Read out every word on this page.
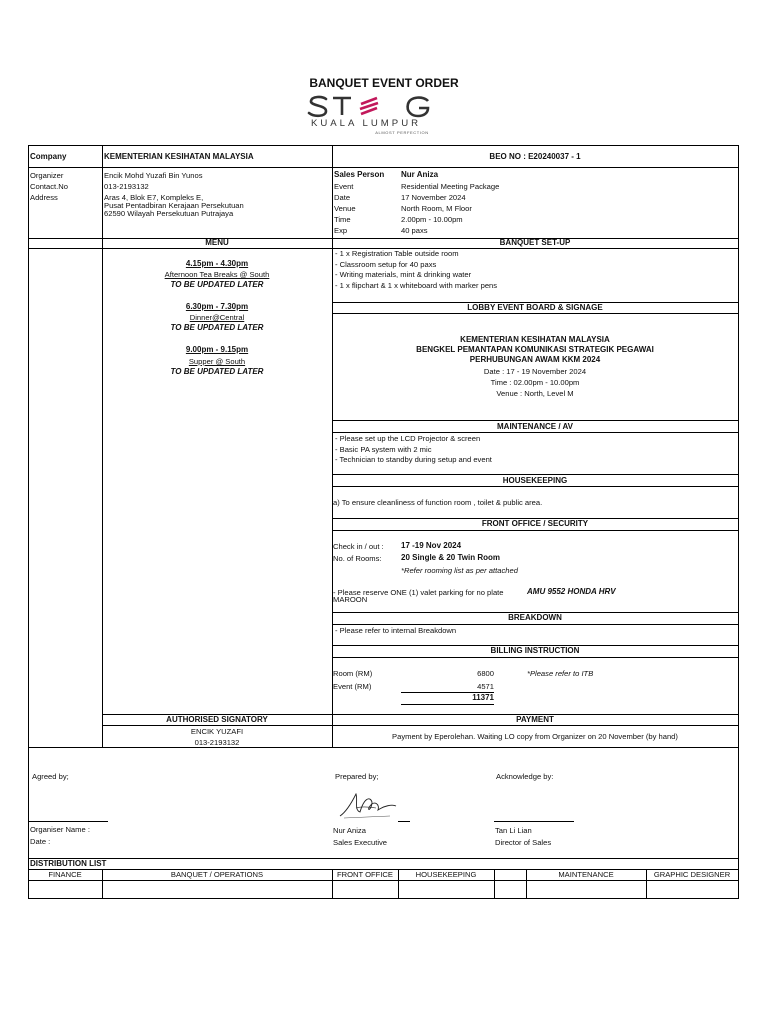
BANQUET EVENT ORDER
KUALA LUMPUR
ALMOST PERFECTION
Company	KEMENTERIAN KESIHATAN MALAYSIA	BEO NO : E20240037 - 1
Organizer	Encik Mohd Yuzafi Bin Yunos
Contact.No	013-2193132
Address	Aras 4, Blok E7, Kompleks E,
Pusat Pentadbiran Kerajaan Persekutuan
62590 Wilayah Persekutuan Putrajaya
Sales Person Nur Aniza
Event	Residential Meeting Package
Date	17 November 2024
Venue	North Room, M Floor
Time	2.00pm - 10.00pm
Exp	40 paxs
MENU
4.15pm - 4.30pm
Afternoon Tea Breaks @ South
TO BE UPDATED LATER
6.30pm - 7.30pm
Dinner@Central
TO BE UPDATED LATER
9.00pm - 9.15pm
Supper @ South
TO BE UPDATED LATER
BANQUET SET-UP
- 1 x Registration Table outside room
- Classroom setup for 40 paxs
- Writing materials, mint & drinking water
- 1 x flipchart & 1 x whiteboard with marker pens
LOBBY EVENT BOARD & SIGNAGE
KEMENTERIAN KESIHATAN MALAYSIA
BENGKEL PEMANTAPAN KOMUNIKASI STRATEGIK PEGAWAI
PERHUBUNGAN AWAM KKM 2024
Date : 17 - 19 November 2024
Time : 02.00pm - 10.00pm
Venue : North, Level M
MAINTENANCE / AV
- Please set up the LCD Projector & screen
- Basic PA system with 2 mic
- Technician to standby during setup and event
HOUSEKEEPING
a) To ensure cleanliness of function room , toilet & public area.
FRONT OFFICE / SECURITY
Check in / out : 17 -19 Nov 2024
No. of Rooms: 20 Single & 20 Twin Room
*Refer rooming list as per attached
- Please reserve ONE (1) valet parking for no plate	AMU 9552 HONDA HRV
MAROON
BREAKDOWN
- Please refer to internal Breakdown
BILLING INSTRUCTION
Room (RM)	6800	*Please refer to ITB
Event (RM)	4571
11371
AUTHORISED SIGNATORY
ENCIK YUZAFI
013-2193132
PAYMENT
Payment by Eperolehan. Waiting LO copy from Organizer on 20 November (by hand)
Agreed by;	Prepared by;	Acknowledge by:
Organiser Name :
Date :
Nur Aniza
Sales Executive
Tan Li Lian
Director of Sales
DISTRIBUTION LIST
FINANCE	BANQUET / OPERATIONS	FRONT OFFICE	HOUSEKEEPING	MAINTENANCE	GRAPHIC DESIGNER
